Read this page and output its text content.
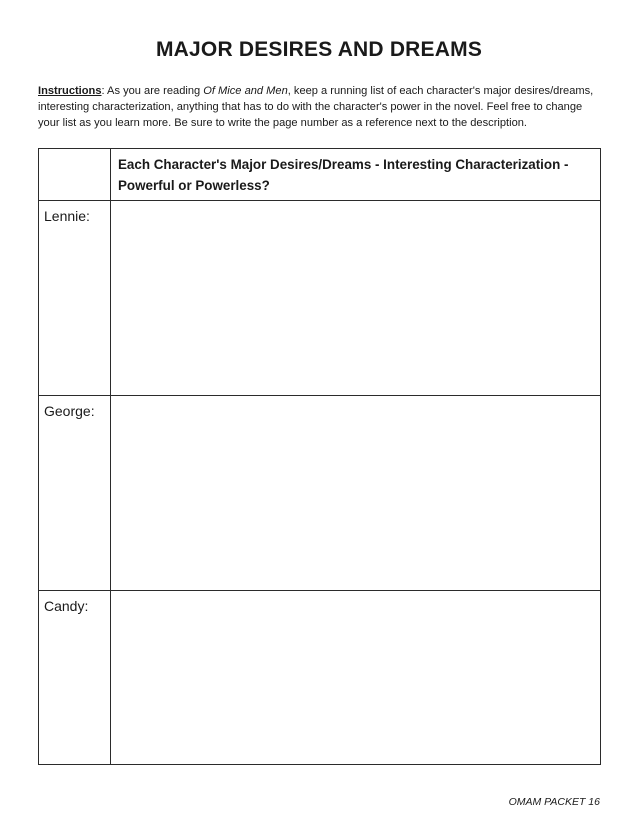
MAJOR DESIRES AND DREAMS

Instructions: As you are reading Of Mice and Men, keep a running list of each character's major desires/dreams, interesting characterization, anything that has to do with the character's power in the novel. Feel free to change your list as you learn more. Be sure to write the page number as a reference next to the description.

	Each Character's Major Desires/Dreams - Interesting Characterization - Powerful or Powerless?
Lennie:	
George:	
Candy:	

OMAM PACKET 16
